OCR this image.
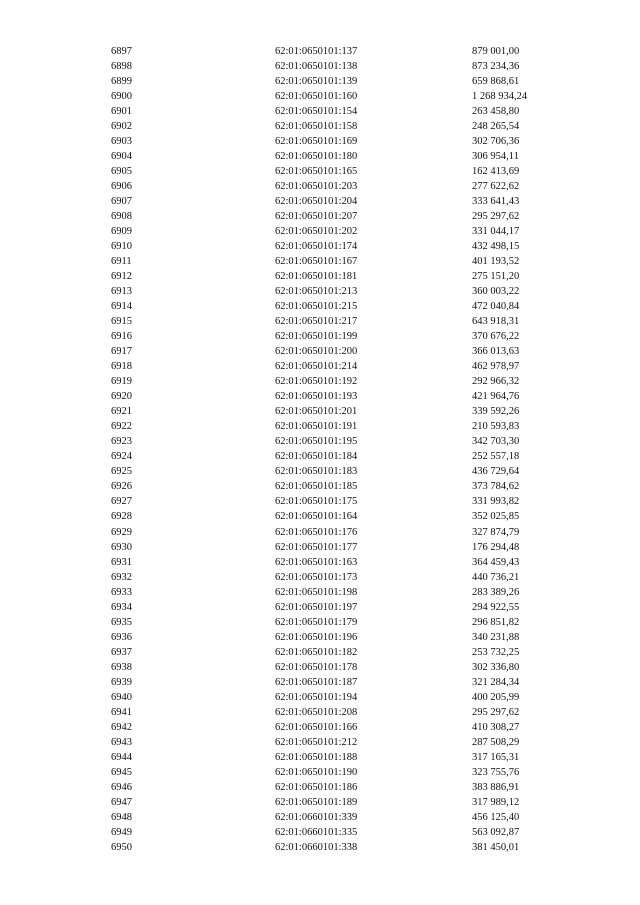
6897	62:01:0650101:137	879 001,00
6898	62:01:0650101:138	873 234,36
6899	62:01:0650101:139	659 868,61
6900	62:01:0650101:160	1 268 934,24
6901	62:01:0650101:154	263 458,80
6902	62:01:0650101:158	248 265,54
6903	62:01:0650101:169	302 706,36
6904	62:01:0650101:180	306 954,11
6905	62:01:0650101:165	162 413,69
6906	62:01:0650101:203	277 622,62
6907	62:01:0650101:204	333 641,43
6908	62:01:0650101:207	295 297,62
6909	62:01:0650101:202	331 044,17
6910	62:01:0650101:174	432 498,15
6911	62:01:0650101:167	401 193,52
6912	62:01:0650101:181	275 151,20
6913	62:01:0650101:213	360 003,22
6914	62:01:0650101:215	472 040,84
6915	62:01:0650101:217	643 918,31
6916	62:01:0650101:199	370 676,22
6917	62:01:0650101:200	366 013,63
6918	62:01:0650101:214	462 978,97
6919	62:01:0650101:192	292 966,32
6920	62:01:0650101:193	421 964,76
6921	62:01:0650101:201	339 592,26
6922	62:01:0650101:191	210 593,83
6923	62:01:0650101:195	342 703,30
6924	62:01:0650101:184	252 557,18
6925	62:01:0650101:183	436 729,64
6926	62:01:0650101:185	373 784,62
6927	62:01:0650101:175	331 993,82
6928	62:01:0650101:164	352 025,85
6929	62:01:0650101:176	327 874,79
6930	62:01:0650101:177	176 294,48
6931	62:01:0650101:163	364 459,43
6932	62:01:0650101:173	440 736,21
6933	62:01:0650101:198	283 389,26
6934	62:01:0650101:197	294 922,55
6935	62:01:0650101:179	296 851,82
6936	62:01:0650101:196	340 231,88
6937	62:01:0650101:182	253 732,25
6938	62:01:0650101:178	302 336,80
6939	62:01:0650101:187	321 284,34
6940	62:01:0650101:194	400 205,99
6941	62:01:0650101:208	295 297,62
6942	62:01:0650101:166	410 308,27
6943	62:01:0650101:212	287 508,29
6944	62:01:0650101:188	317 165,31
6945	62:01:0650101:190	323 755,76
6946	62:01:0650101:186	383 886,91
6947	62:01:0650101:189	317 989,12
6948	62:01:0660101:339	456 125,40
6949	62:01:0660101:335	563 092,87
6950	62:01:0660101:338	381 450,01
